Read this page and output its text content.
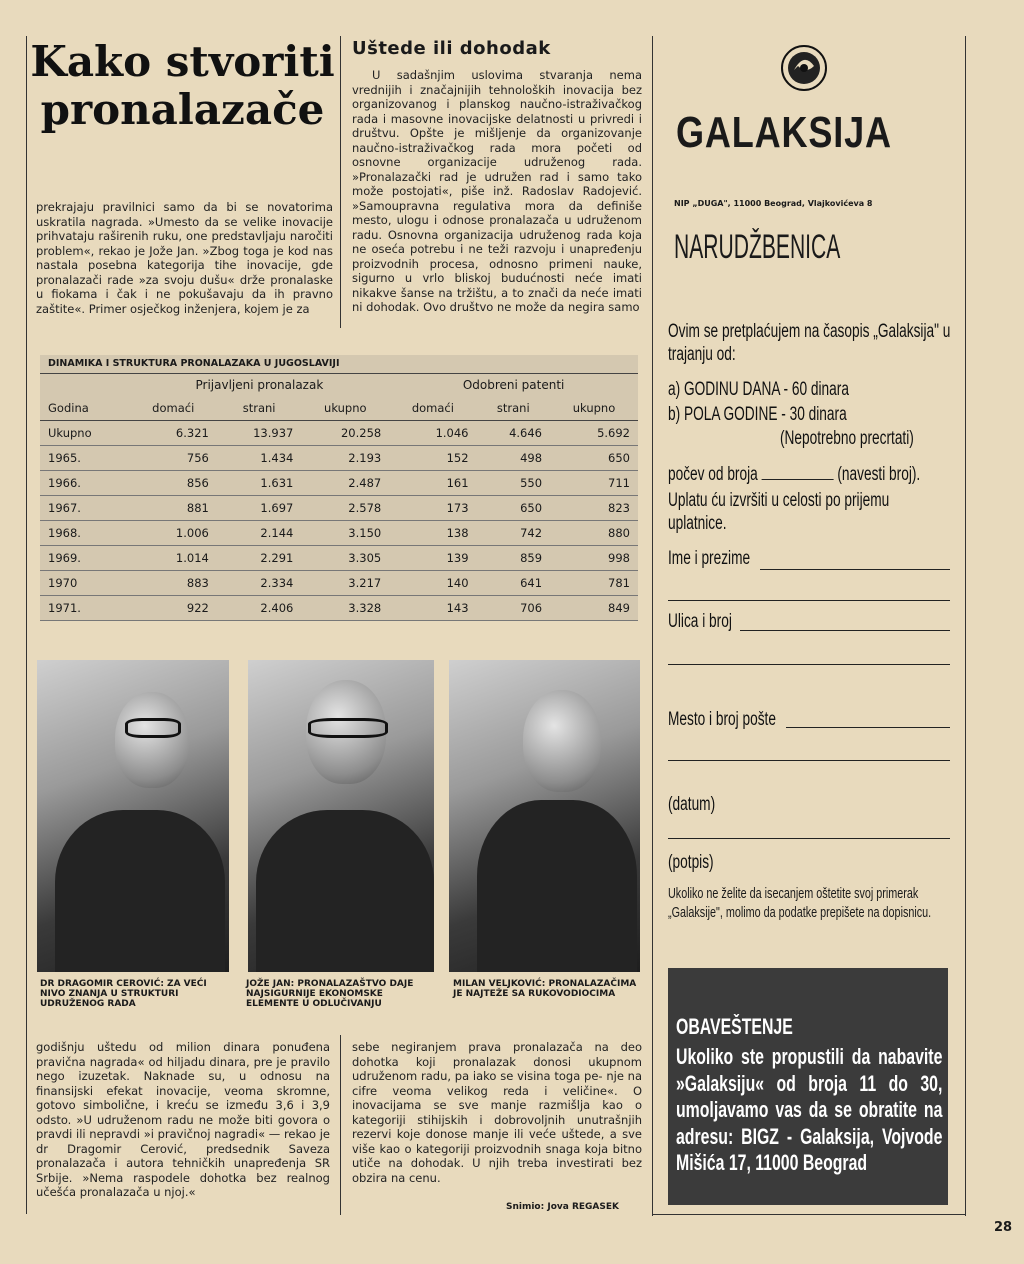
Kako stvoriti pronalazače
prekrajaju pravilnici samo da bi se novatorima uskratila nagrada. »Umesto da se velike inovacije prihvataju raširenih ruku, one predstavljaju naročiti problem«, rekao je Jože Jan. »Zbog toga je kod nas nastala posebna kategorija tihe inovacije, gde pronalazači rade »za svoju dušu« drže pronalaske u fiokama i čak i ne pokušavaju da ih pravno zaštite«. Primer osječkog inženjera, kojem je za
Uštede ili dohodak
U sadašnjim uslovima stvaranja nema vrednijih i značajnijih tehnoloških inovacija bez organizovanog i planskog naučno-istraživačkog rada i masovne inovacijske delatnosti u privredi i društvu. Opšte je mišljenje da organizovanje naučno-istraživačkog rada mora početi od osnovne organizacije udruženog rada. »Pronalazački rad je udružen rad i samo tako može postojati«, piše inž. Radoslav Radojević. »Samoupravna regulativa mora da definiše mesto, ulogu i odnose pronalazača u udruženom radu. Osnovna organizacija udruženog rada koja ne oseća potrebu i ne teži razvoju i unapređenju proizvodnih procesa, odnosno primeni nauke, sigurno u vrlo bliskoj budućnosti neće imati nikakve šanse na tržištu, a to znači da neće imati ni dohodak. Ovo društvo ne može da negira samo
DINAMIKA I STRUKTURA PRONALAZAKA U JUGOSLAVIJI						
	Prijavljeni pronalazak			Odobreni patenti		
Godina	domaći	strani	ukupno	domaći	strani	ukupno
Ukupno	6.321	13.937	20.258	1.046	4.646	5.692
1965.	756	1.434	2.193	152	498	650
1966.	856	1.631	2.487	161	550	711
1967.	881	1.697	2.578	173	650	823
1968.	1.006	2.144	3.150	138	742	880
1969.	1.014	2.291	3.305	139	859	998
1970	883	2.334	3.217	140	641	781
1971.	922	2.406	3.328	143	706	849
DR DRAGOMIR CEROVIĆ: ZA VEĆI NIVO ZNANJA U STRUKTURI UDRUŽENOG RADA
JOŽE JAN: PRONALAZAŠTVO DAJE NAJSIGURNIJE EKONOMSKE ELEMENTE U ODLUČIVANJU
MILAN VELJKOVIĆ: PRONALAZAČIMA JE NAJTEŽE SA RUKOVODIOCIMA
godišnju uštedu od milion dinara ponuđena pravična nagrada« od hiljadu dinara, pre je pravilo nego izuzetak. Naknade su, u odnosu na finansijski efekat inovacije, veoma skromne, gotovo simbolične, i kreću se između 3,6 i 3,9 odsto. »U udruženom radu ne može biti govora o pravdi ili nepravdi »i pravičnoj nagradi« — rekao je dr Dragomir Cerović, predsednik Saveza pronalazača i autora tehničkih unapređenja SR Srbije. »Nema raspodele dohotka bez realnog učešća pronalazača u njoj.«
sebe negiranjem prava pronalazača na deo dohotka koji pronalazak donosi ukupnom udruženom radu, pa iako se visina toga pe- nje na cifre veoma velikog reda i veličine«. O inovacijama se sve manje razmišlja kao o kategoriji stihijskih i dobrovoljnih unutrašnjih rezervi koje donose manje ili veće uštede, a sve više kao o kategoriji proizvodnih snaga koja bitno utiče na dohodak. U njih treba investirati bez obzira na cenu.
Snimio: Jova REGASEK
GALAKSIJA
NIP „DUGA", 11000 Beograd, Vlajkovićeva 8
NARUDŽBENICA
Ovim se pretplaćujem na časopis „Galaksija" u trajanju od:
a) GODINU DANA - 60 dinara
b) POLA GODINE - 30 dinara
(Nepotrebno precrtati)
počev od broja	(navesti broj).
Uplatu ću izvršiti u celosti po prijemu uplatnice.
Ime i prezime
Ulica i broj
Mesto i broj pošte
(datum)
(potpis)
Ukoliko ne želite da isecanjem oštetite svoj primerak „Galaksije", molimo da podatke prepišete na dopisnicu.
OBAVEŠTENJE
Ukoliko ste propustili da nabavite »Galaksiju« od broja 11 do 30, umoljavamo vas da se obratite na adresu: BIGZ - Galaksija, Vojvode Mišića 17, 11000 Beograd
28
